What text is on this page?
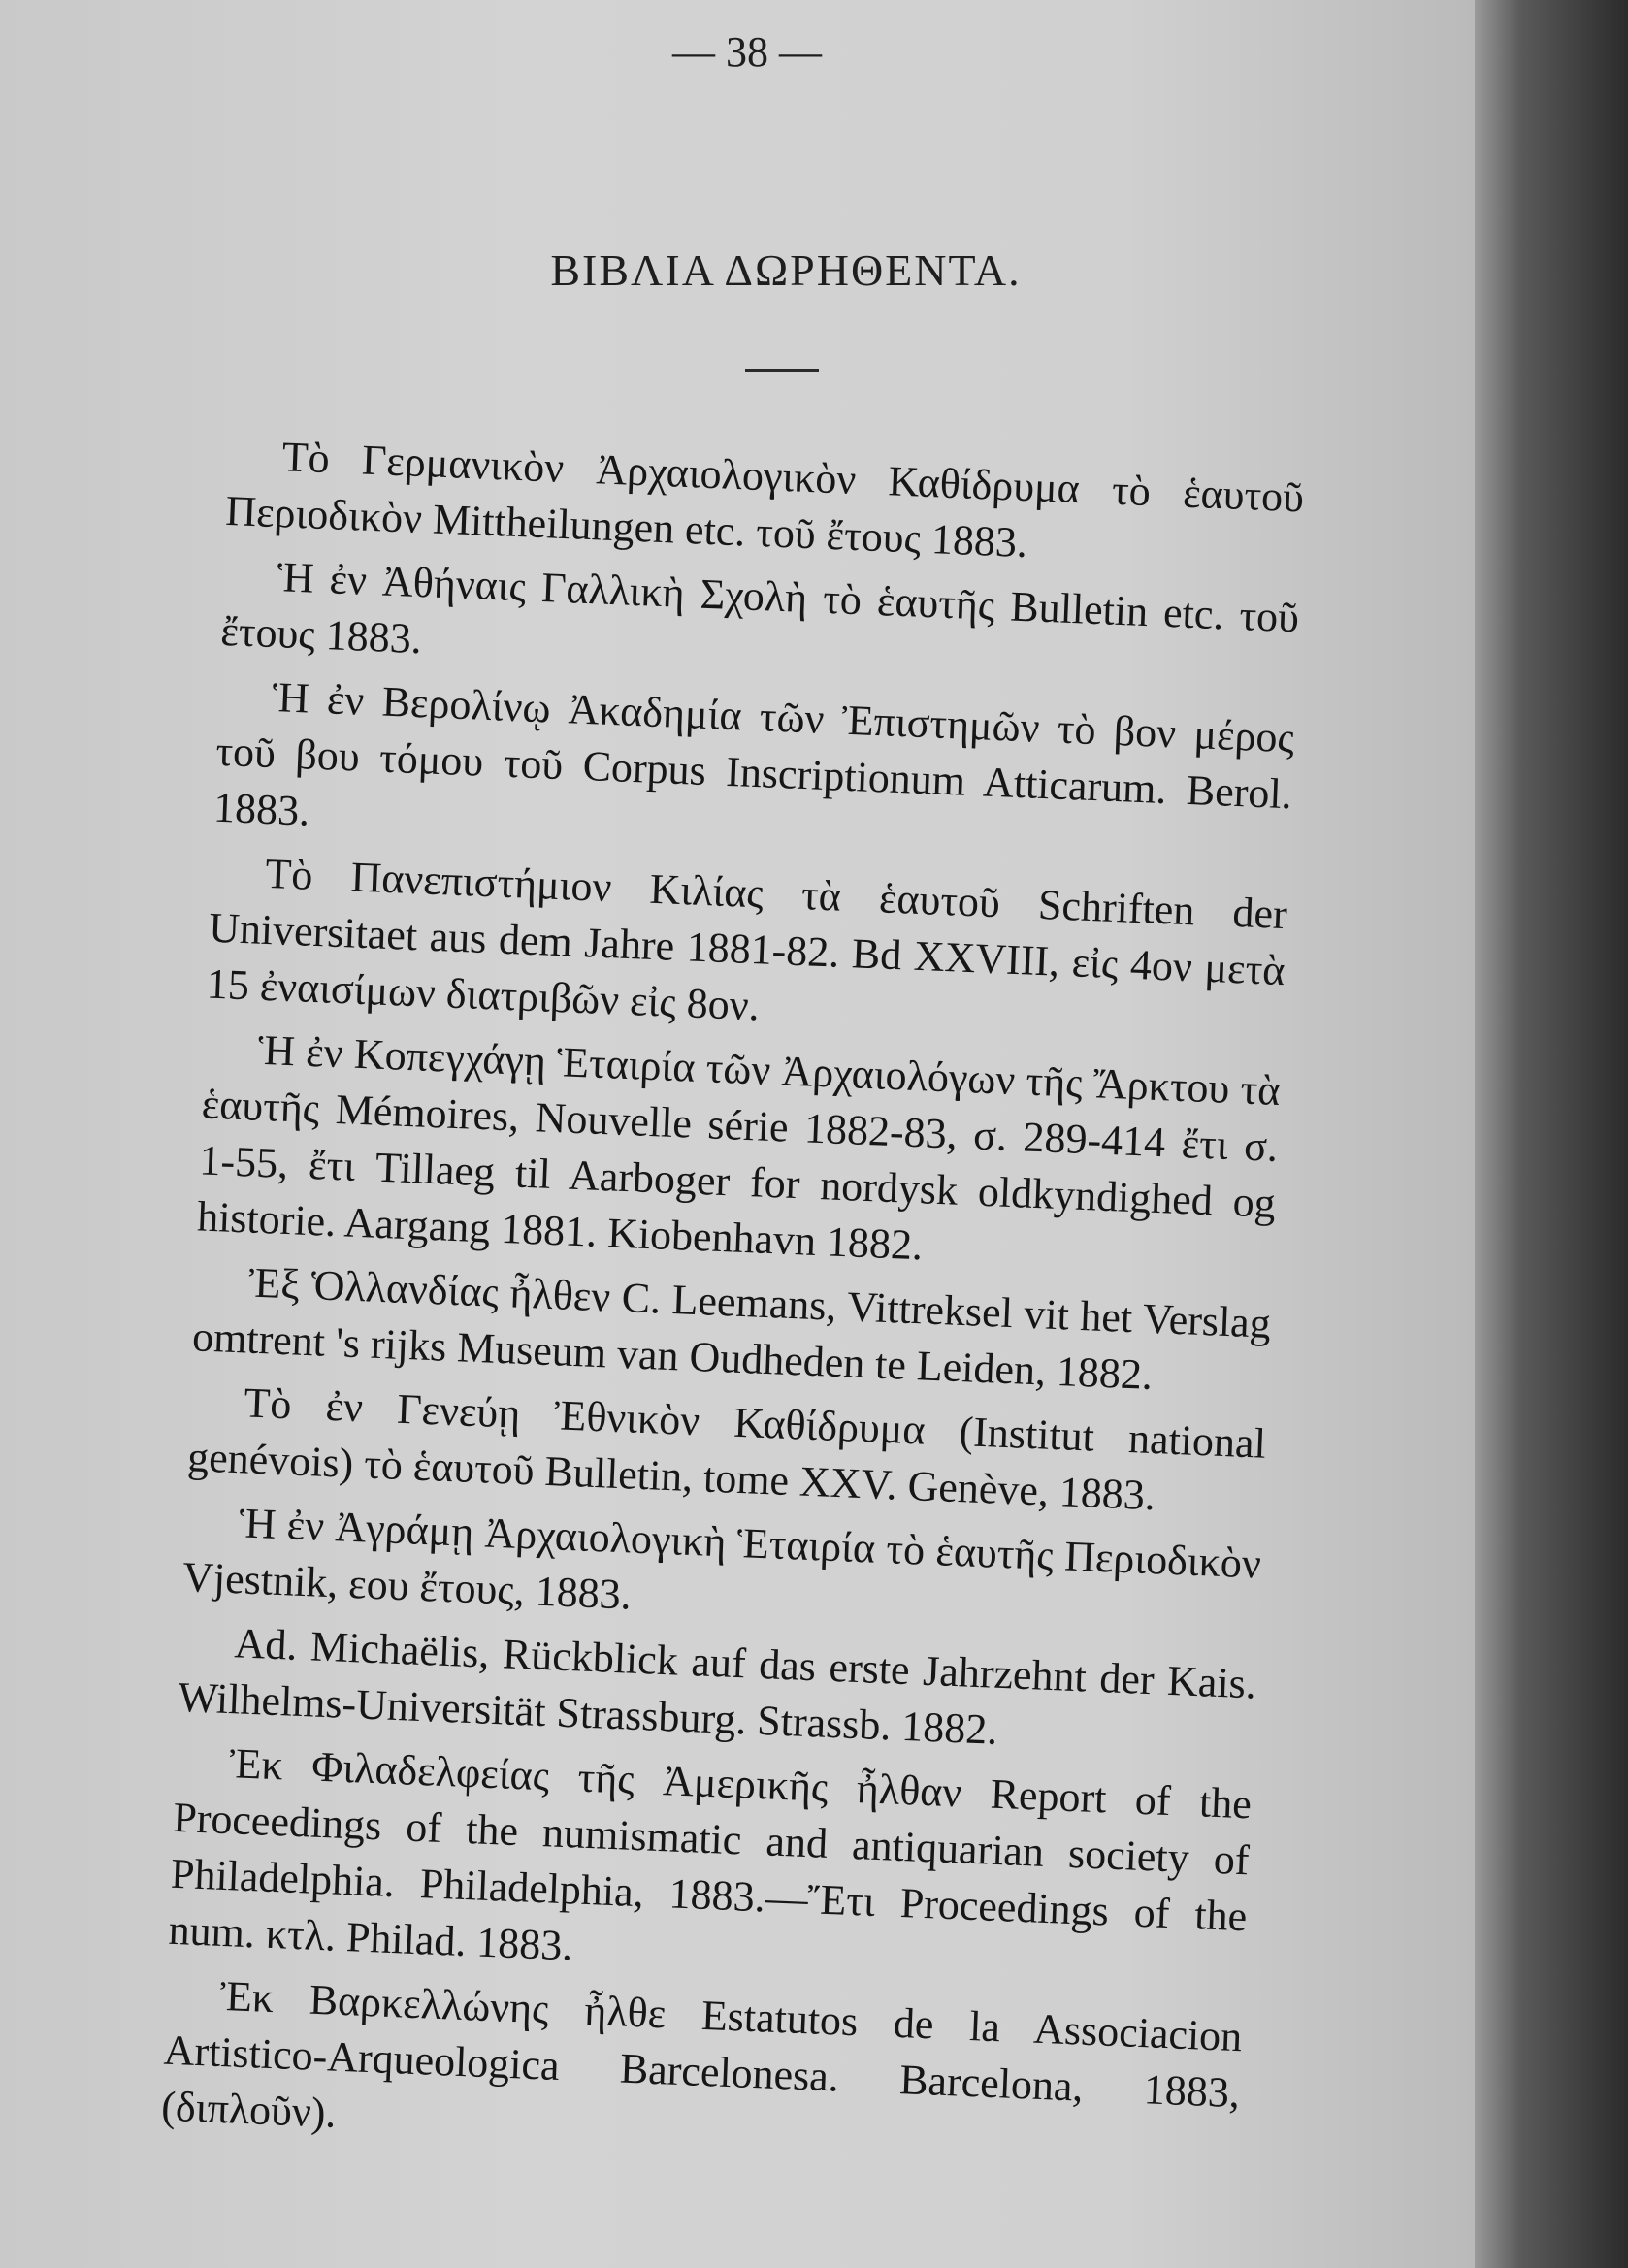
— 38 —
ΒΙΒΛΙΑ ΔΩΡΗΘΕΝΤΑ.

Τὸ Γερμανικὸν Ἀρχαιολογικὸν Καθίδρυμα τὸ ἑαυτοῦ Περιοδικὸν Mittheilungen etc. τοῦ ἔτους 1883.

Ἡ ἐν Ἀθήναις Γαλλικὴ Σχολὴ τὸ ἑαυτῆς Bulletin etc. τοῦ ἔτους 1883.

Ἡ ἐν Βερολίνῳ Ἀκαδημία τῶν Ἐπιστημῶν τὸ βον μέρος τοῦ βου τόμου τοῦ Corpus Inscriptionum Atticarum. Berol. 1883.

Τὸ Πανεπιστήμιον Κιλίας τὰ ἑαυτοῦ Schriften der Universitaet aus dem Jahre 1881-82. Bd XXVIII, εἰς 4ον μετὰ 15 ἐναισίμων διατριβῶν εἰς 8ον.

Ἡ ἐν Κοπεγχάγῃ Ἑταιρία τῶν Ἀρχαιολόγων τῆς Ἄρκτου τὰ ἑαυτῆς Mémoires, Nouvelle série 1882-83, σ. 289-414 ἔτι σ. 1-55, ἔτι Tillaeg til Aarboger for nordysk oldkyndighed og historie. Aargang 1881. Kiobenhavn 1882.

Ἐξ Ὁλλανδίας ἦλθεν C. Leemans, Vittreksel vit het Verslag omtrent 's rijks Museum van Oudheden te Leiden, 1882.

Τὸ ἐν Γενεύῃ Ἐθνικὸν Καθίδρυμα (Institut national genévois) τὸ ἑαυτοῦ Bulletin, tome XXV. Genève, 1883.

Ἡ ἐν Ἀγράμῃ Ἀρχαιολογικὴ Ἑταιρία τὸ ἑαυτῆς Περιοδικὸν Vjestnik, εου ἔτους, 1883.

Ad. Michaëlis, Rückblick auf das erste Jahrzehnt der Kais. Wilhelms-Universität Strassburg. Strassb. 1882.

Ἐκ Φιλαδελφείας τῆς Ἀμερικῆς ἦλθαν Report of the Proceedings of the numismatic and antiquarian society of Philadelphia. Philadelphia, 1883.—Ἔτι Proceedings of the num. κτλ. Philad. 1883.

Ἐκ Βαρκελλώνης ἦλθε Estatutos de la Associacion Artistico-Arqueologica Barcelonesa. Barcelona, 1883, (διπλοῦν).
